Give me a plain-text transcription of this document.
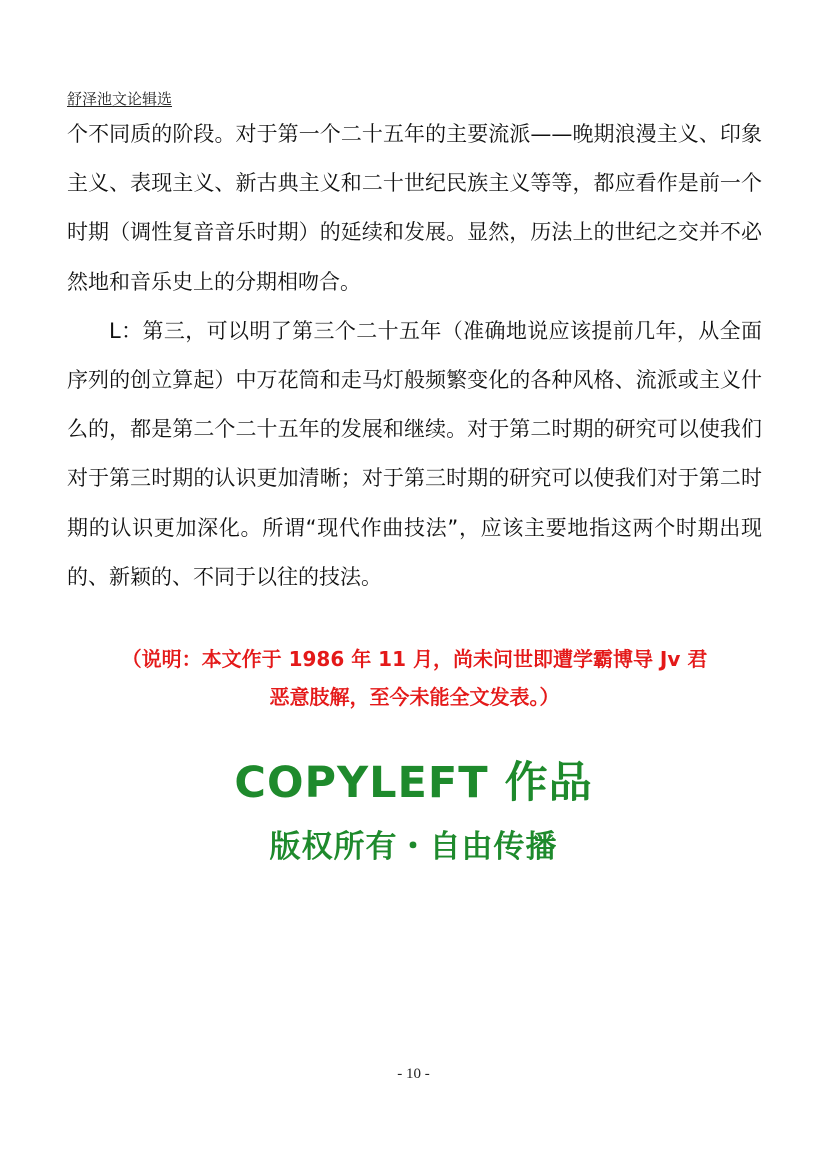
舒泽池文论辑选

个不同质的阶段。对于第一个二十五年的主要流派——晚期浪漫主义、印象主义、表现主义、新古典主义和二十世纪民族主义等等，都应看作是前一个时期（调性复音音乐时期）的延续和发展。显然，历法上的世纪之交并不必然地和音乐史上的分期相吻合。

L：第三，可以明了第三个二十五年（准确地说应该提前几年，从全面序列的创立算起）中万花筒和走马灯般频繁变化的各种风格、流派或主义什么的，都是第二个二十五年的发展和继续。对于第二时期的研究可以使我们对于第三时期的认识更加清晰；对于第三时期的研究可以使我们对于第二时期的认识更加深化。所谓“现代作曲技法”，应该主要地指这两个时期出现的、新颖的、不同于以往的技法。

（说明：本文作于 1986 年 11 月，尚未问世即遭学霸博导 Jv 君
恶意肢解，至今未能全文发表。）
COPYLEFT 作品
版权所有・自由传播
- 10 -
